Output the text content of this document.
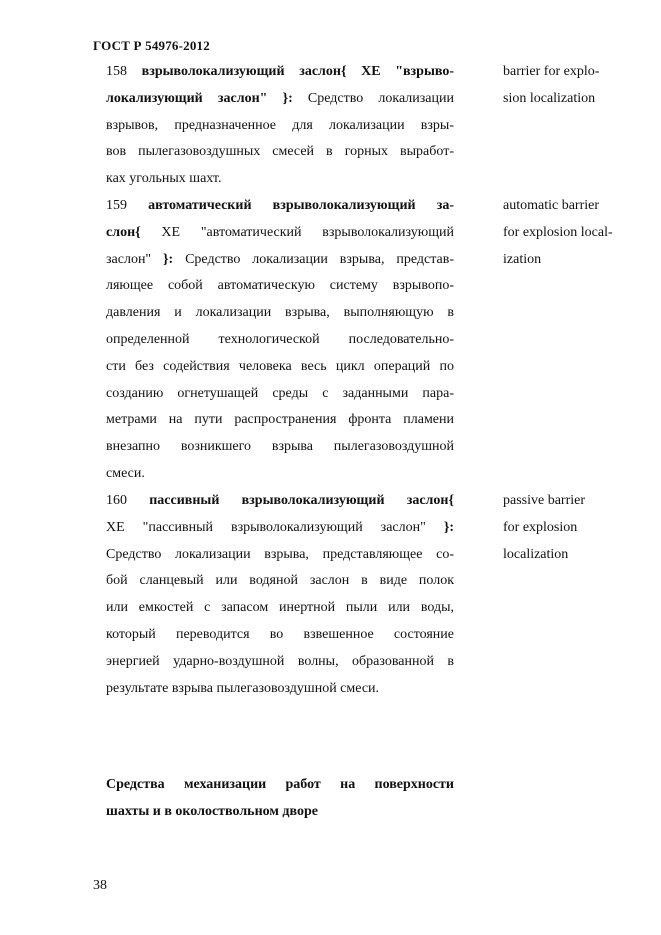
ГОСТ Р 54976-2012
158 взрыволокализующий заслон{ ХЕ "взрыво-
локализующий заслон" }: Средство локализации
взрывов, предназначенное для локализации взры-
вов пылегазовоздушных смесей в горных выработ-
ках угольных шахт.
barrier for explo-
sion localization
159 автоматический взрыволокализующий за-
слон{ ХЕ "автоматический взрыволокализующий
заслон" }: Средство локализации взрыва, представ-
ляющее собой автоматическую систему взрывопо-
давления и локализации взрыва, выполняющую в
определенной технологической последовательно-
сти без содействия человека весь цикл операций по
созданию огнетушащей среды с заданными пара-
метрами на пути распространения фронта пламени
внезапно возникшего взрыва пылегазовоздушной
смеси.
automatic barrier
for explosion local-
ization
160 пассивный взрыволокализующий заслон{
ХЕ "пассивный взрыволокализующий заслон" }:
Средство локализации взрыва, представляющее со-
бой сланцевый или водяной заслон в виде полок
или емкостей с запасом инертной пыли или воды,
который переводится во взвешенное состояние
энергией ударно-воздушной волны, образованной в
результате взрыва пылегазовоздушной смеси.
passive barrier
for explosion
localization
Средства механизации работ на поверхности
шахты и в околоствольном дворе
38
